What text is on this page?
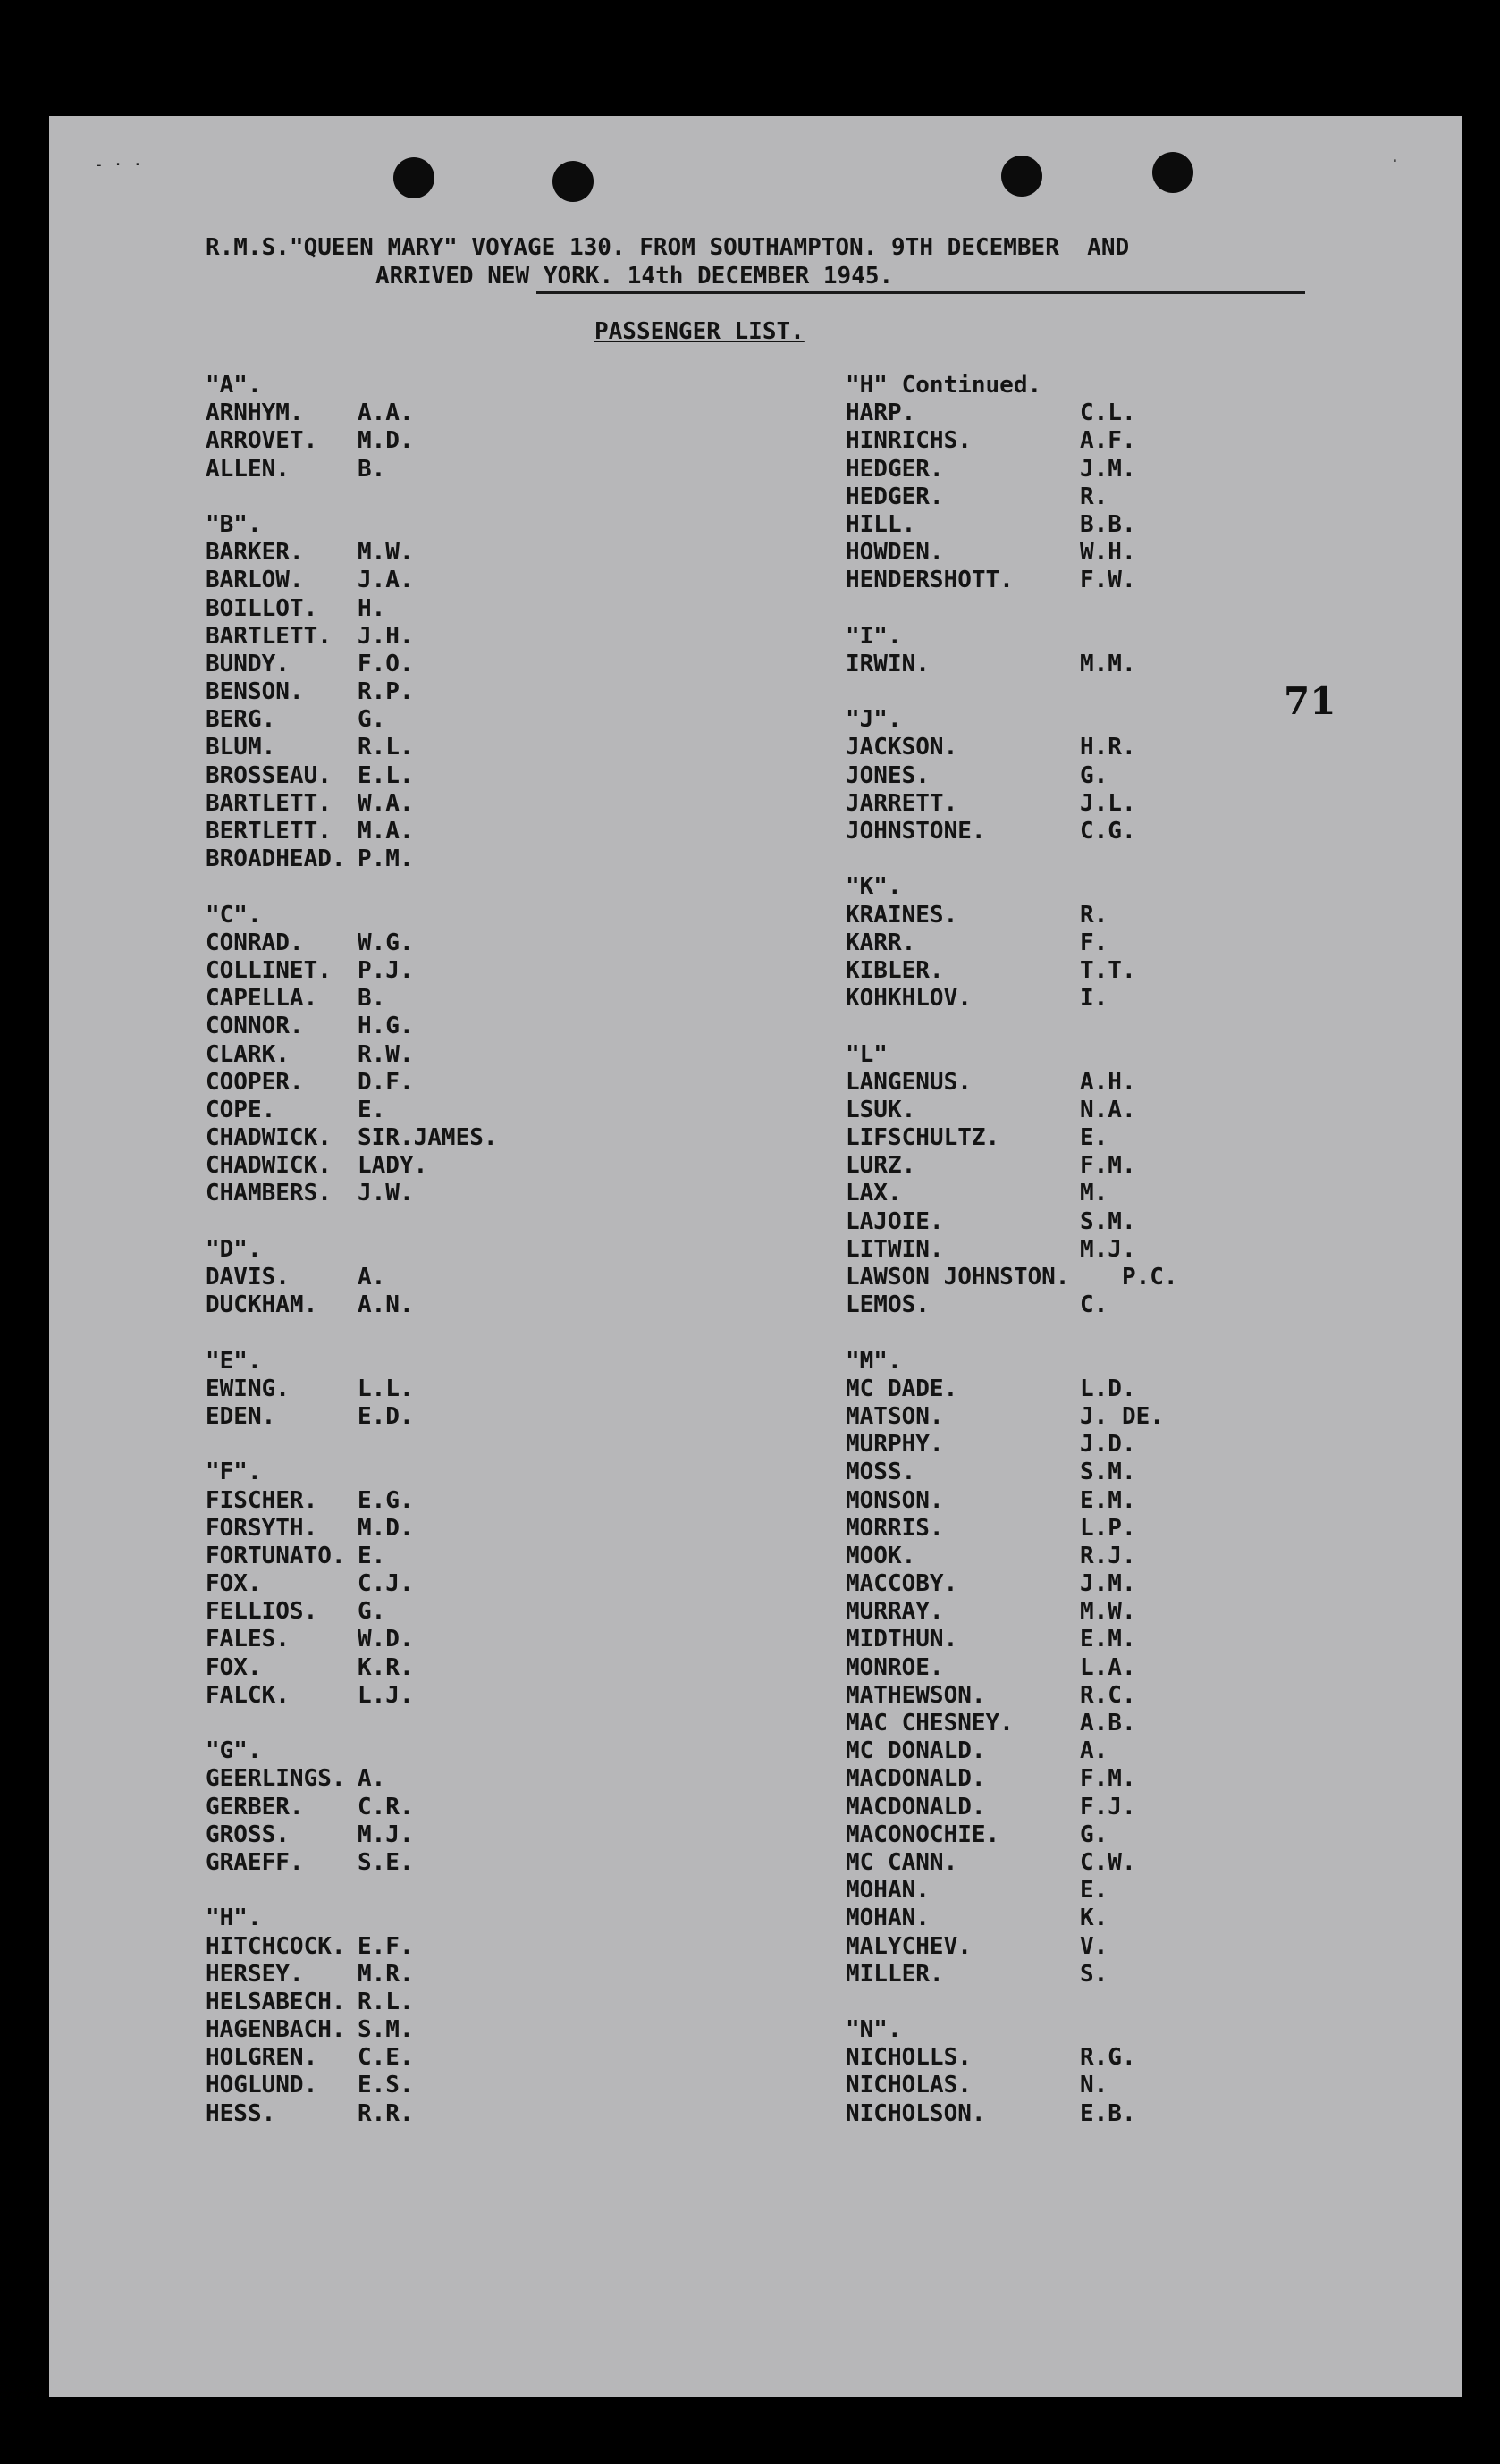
- · ·	·
R.M.S."QUEEN MARY" VOYAGE 130. FROM SOUTHAMPTON. 9TH DECEMBER  AND
ARRIVED NEW YORK. 14th DECEMBER 1945.
PASSENGER LIST.
71
"A".
ARNHYM. A.A.
ARROVET. M.D.
ALLEN.	B.
"B".
BARKER. M.W.
BARLOW. J.A.
BOILLOT. H.
BARTLETT. J.H.
BUNDY.	F.O.
BENSON. R.P.
BERG.	G.
BLUM.	R.L.
BROSSEAU. E.L.
BARTLETT. W.A.
BERTLETT. M.A.
BROADHEAD. P.M.
"C".
CONRAD. W.G.
COLLINET. P.J.
CAPELLA. B.
CONNOR. H.G.
CLARK.	R.W.
COOPER. D.F.
COPE.	E.
CHADWICK. SIR.JAMES.
CHADWICK. LADY.
CHAMBERS. J.W.
"D".
DAVIS.	A.
DUCKHAM. A.N.
"E".
EWING.	L.L.
EDEN.	E.D.
"F".
FISCHER. E.G.
FORSYTH. M.D.
FORTUNATO. E.
FOX.	C.J.
FELLIOS. G.
FALES.	W.D.
FOX.	K.R.
FALCK.	L.J.
"G".
GEERLINGS. A.
GERBER. C.R.
GROSS.	M.J.
GRAEFF. S.E.
"H".
HITCHCOCK. E.F.
HERSEY. M.R.
HELSABECH. R.L.
HAGENBACH. S.M.
HOLGREN. C.E.
HOGLUND. E.S.
HESS.	R.R.
"H" Continued.
HARP.	C.L.
HINRICHS.	A.F.
HEDGER.	J.M.
HEDGER.	R.
HILL.	B.B.
HOWDEN.	W.H.
HENDERSHOTT.	F.W.
"I".
IRWIN.	M.M.
"J".
JACKSON.	H.R.
JONES.	G.
JARRETT.	J.L.
JOHNSTONE.	C.G.
"K".
KRAINES.	R.
KARR.	F.
KIBLER.	T.T.
KOHKHLOV.	I.
"L"
LANGENUS.	A.H.
LSUK.	N.A.
LIFSCHULTZ.	E.
LURZ.	F.M.
LAX.	M.
LAJOIE.	S.M.
LITWIN.	M.J.
LAWSON JOHNSTON. P.C.
LEMOS.	C.
"M".
MC DADE.	L.D.
MATSON.	J. DE.
MURPHY.	J.D.
MOSS.	S.M.
MONSON.	E.M.
MORRIS.	L.P.
MOOK.	R.J.
MACCOBY.	J.M.
MURRAY.	M.W.
MIDTHUN.	E.M.
MONROE.	L.A.
MATHEWSON.	R.C.
MAC CHESNEY.	A.B.
MC DONALD.	A.
MACDONALD.	F.M.
MACDONALD.	F.J.
MACONOCHIE.	G.
MC CANN.	C.W.
MOHAN.	E.
MOHAN.	K.
MALYCHEV.	V.
MILLER.	S.
"N".
NICHOLLS.	R.G.
NICHOLAS.	N.
NICHOLSON.	E.B.
